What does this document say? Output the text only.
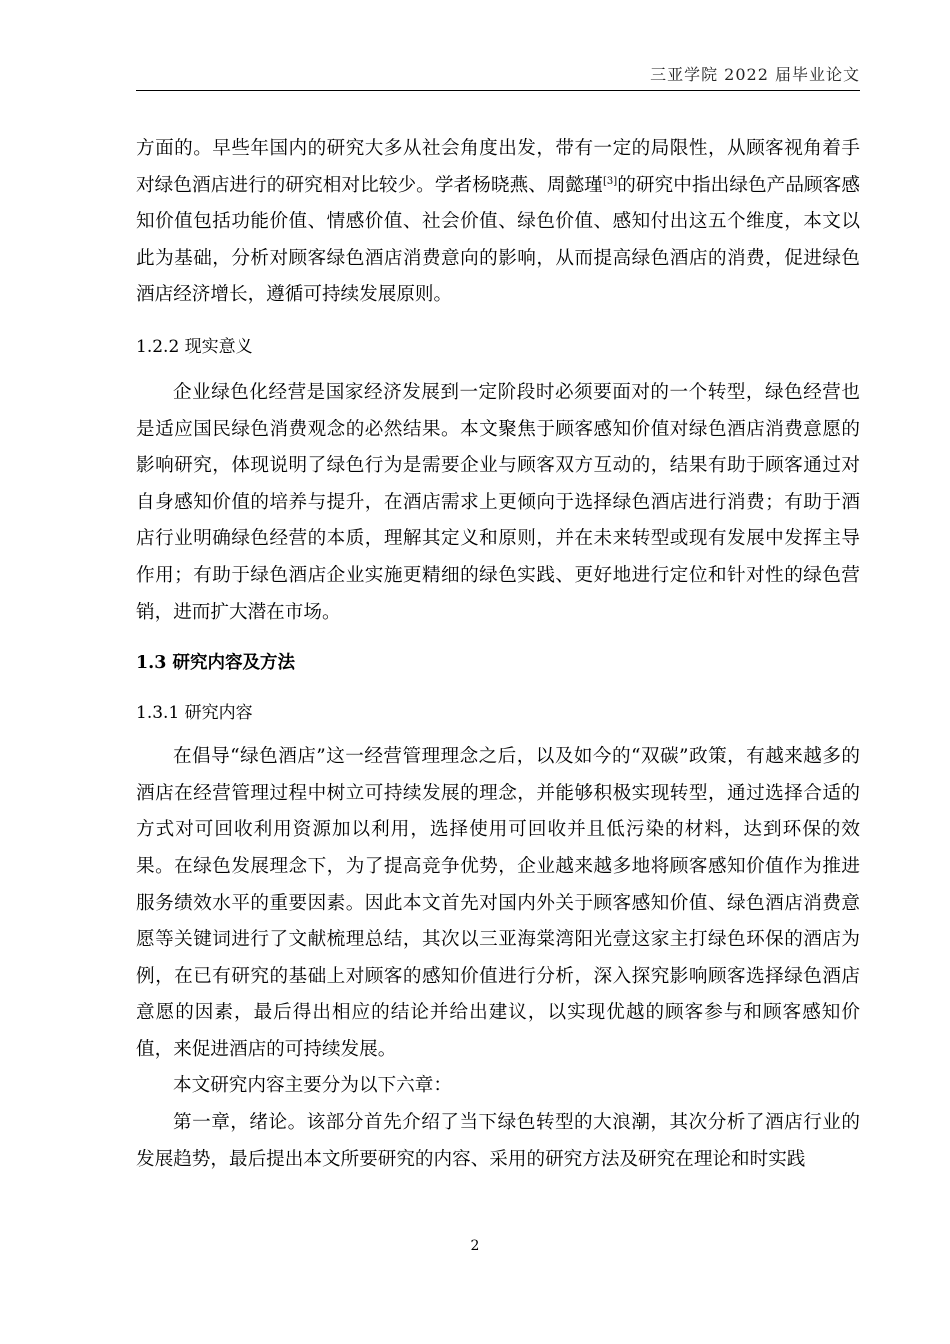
三亚学院 2022 届毕业论文

方面的。早些年国内的研究大多从社会角度出发，带有一定的局限性，从顾客视角着手对绿色酒店进行的研究相对比较少。学者杨晓燕、周懿瑾[3]的研究中指出绿色产品顾客感知价值包括功能价值、情感价值、社会价值、绿色价值、感知付出这五个维度，本文以此为基础，分析对顾客绿色酒店消费意向的影响，从而提高绿色酒店的消费，促进绿色酒店经济增长，遵循可持续发展原则。

1.2.2 现实意义

企业绿色化经营是国家经济发展到一定阶段时必须要面对的一个转型，绿色经营也是适应国民绿色消费观念的必然结果。本文聚焦于顾客感知价值对绿色酒店消费意愿的影响研究，体现说明了绿色行为是需要企业与顾客双方互动的，结果有助于顾客通过对自身感知价值的培养与提升，在酒店需求上更倾向于选择绿色酒店进行消费；有助于酒店行业明确绿色经营的本质，理解其定义和原则，并在未来转型或现有发展中发挥主导作用；有助于绿色酒店企业实施更精细的绿色实践、更好地进行定位和针对性的绿色营销，进而扩大潜在市场。

1.3 研究内容及方法
1.3.1 研究内容

在倡导“绿色酒店”这一经营管理理念之后，以及如今的“双碳”政策，有越来越多的酒店在经营管理过程中树立可持续发展的理念，并能够积极实现转型，通过选择合适的方式对可回收利用资源加以利用，选择使用可回收并且低污染的材料，达到环保的效果。在绿色发展理念下，为了提高竞争优势，企业越来越多地将顾客感知价值作为推进服务绩效水平的重要因素。因此本文首先对国内外关于顾客感知价值、绿色酒店消费意愿等关键词进行了文献梳理总结，其次以三亚海棠湾阳光壹这家主打绿色环保的酒店为例，在已有研究的基础上对顾客的感知价值进行分析，深入探究影响顾客选择绿色酒店意愿的因素，最后得出相应的结论并给出建议，以实现优越的顾客参与和顾客感知价值，来促进酒店的可持续发展。

本文研究内容主要分为以下六章：

第一章，绪论。该部分首先介绍了当下绿色转型的大浪潮，其次分析了酒店行业的发展趋势，最后提出本文所要研究的内容、采用的研究方法及研究在理论和时实践

2
